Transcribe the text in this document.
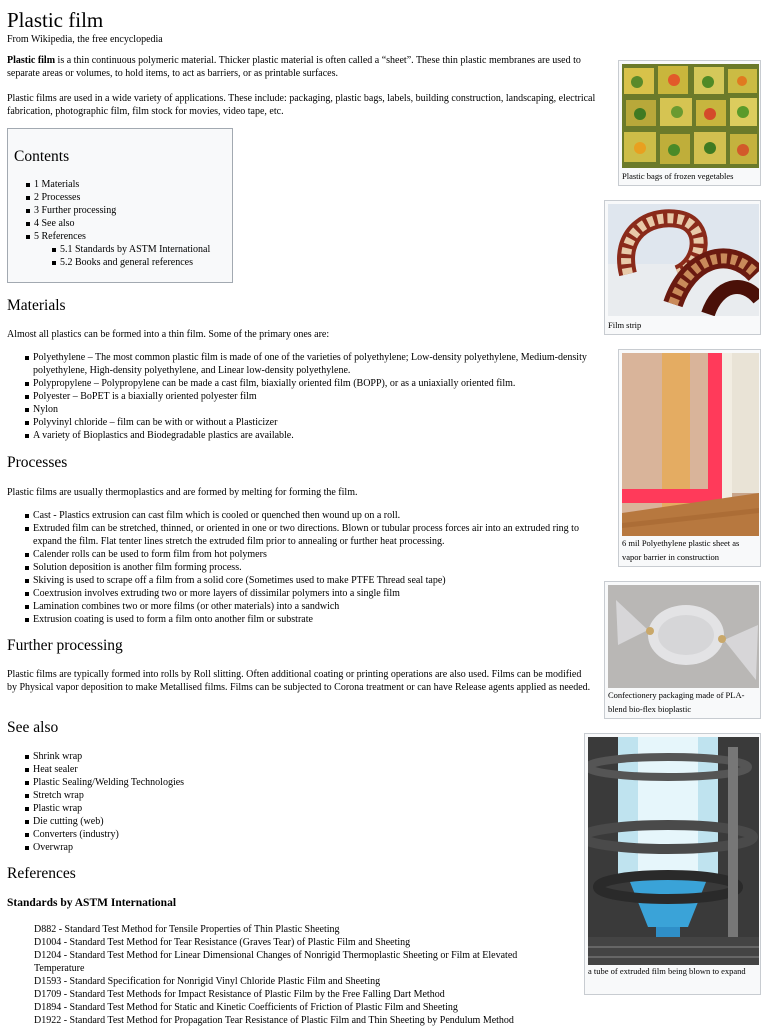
Plastic film
From Wikipedia, the free encyclopedia

Plastic film is a thin continuous polymeric material. Thicker plastic material is often called a “sheet”. These thin plastic membranes are used to separate areas or volumes, to hold items, to act as barriers, or as printable surfaces.

Plastic films are used in a wide variety of applications. These include: packaging, plastic bags, labels, building construction, landscaping, electrical fabrication, photographic film, film stock for movies, video tape, etc.

Contents
1 Materials
2 Processes
3 Further processing
4 See also
5 References
5.1 Standards by ASTM International
5.2 Books and general references
Materials

Almost all plastics can be formed into a thin film. Some of the primary ones are:

Polyethylene – The most common plastic film is made of one of the varieties of polyethylene; Low-density polyethylene, Medium-density polyethylene, High-density polyethylene, and Linear low-density polyethylene.
Polypropylene – Polypropylene can be made a cast film, biaxially oriented film (BOPP), or as a uniaxially oriented film.
Polyester – BoPET is a biaxially oriented polyester film
Nylon
Polyvinyl chloride – film can be with or without a Plasticizer
A variety of Bioplastics and Biodegradable plastics are available.
Processes

Plastic films are usually thermoplastics and are formed by melting for forming the film.

Cast - Plastics extrusion can cast film which is cooled or quenched then wound up on a roll.
Extruded film can be stretched, thinned, or oriented in one or two directions. Blown or tubular process forces air into an extruded ring to expand the film. Flat tenter lines stretch the extruded film prior to annealing or further heat processing.
Calender rolls can be used to form film from hot polymers
Solution deposition is another film forming process.
Skiving is used to scrape off a film from a solid core (Sometimes used to make PTFE Thread seal tape)
Coextrusion involves extruding two or more layers of dissimilar polymers into a single film
Lamination combines two or more films (or other materials) into a sandwich
Extrusion coating is used to form a film onto another film or substrate
Further processing

Plastic films are typically formed into rolls by Roll slitting. Often additional coating or printing operations are also used. Films can be modified by Physical vapor deposition to make Metallised films. Films can be subjected to Corona treatment or can have Release agents applied as needed.

See also
Shrink wrap
Heat sealer
Plastic Sealing/Welding Technologies
Stretch wrap
Plastic wrap
Die cutting (web)
Converters (industry)
Overwrap
References
Standards by ASTM International
D882 - Standard Test Method for Tensile Properties of Thin Plastic Sheeting
D1004 - Standard Test Method for Tear Resistance (Graves Tear) of Plastic Film and Sheeting
D1204 - Standard Test Method for Linear Dimensional Changes of Nonrigid Thermoplastic Sheeting or Film at Elevated Temperature
D1593 - Standard Specification for Nonrigid Vinyl Chloride Plastic Film and Sheeting
D1709 - Standard Test Methods for Impact Resistance of Plastic Film by the Free Falling Dart Method
D1894 - Standard Test Method for Static and Kinetic Coefficients of Friction of Plastic Film and Sheeting
D1922 - Standard Test Method for Propagation Tear Resistance of Plastic Film and Thin Sheeting by Pendulum Method
Plastic bags of frozen vegetables
Film strip
6 mil Polyethylene plastic sheet as vapor barrier in construction
Confectionery packaging made of PLA-blend bio-flex bioplastic
a tube of extruded film being blown to expand
